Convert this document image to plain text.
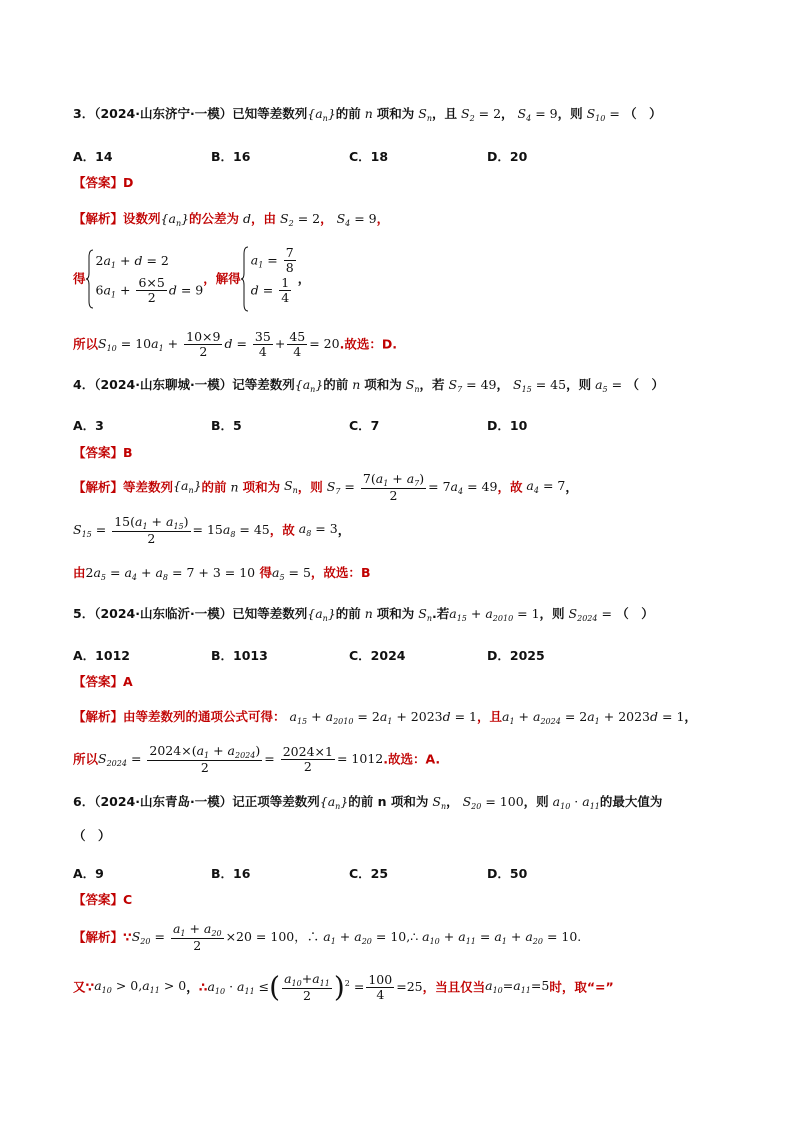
3．（2024·山东济宁·一模）已知等差数列$\{a_n\}$的前 n 项和为 $S_n$，且 $S_2 = 2$， $S_4 = 9$，则 $S_{10}$ = （　）
A．14	B．16	C．18	D．20
【答案】D
【解析】设数列$\{a_n\}$的公差为 d，由 $S_2 = 2$， $S_4 = 9$，
得
$2a_1 + d = 2$
$6a_1 + \frac{6\times 5}{2}$ d = 9
，解得
$a_1 = \frac{7}{8}$
$d = \frac{1}{4}$ ，
所以$S_{10} = 10a_1 + \frac{10\times 9}{2}$ $d = \frac{35}{4} + \frac{45}{4} = 20$.故选：D.
4．（2024·山东聊城·一模）记等差数列$\{a_n\}$的前 n 项和为 $S_n$，若 $S_7 = 49$， $S_{15} = 45$，则 $a_5$ = （　）
A．3	B．5	C．7	D．10
【答案】B
【解析】等差数列$\{a_n\}$的前 n 项和为 $S_n$，则 $S_7 = \frac{7(a_1 + a_7)}{2} = 7a_4 = 49$，故 $a_4 = 7$，
$S_{15} = \frac{15(a_1 + a_{15})}{2} = 15a_8 = 45$，故 $a_8 = 3$，
由$2a_5 = a_4 + a_8 = 7 + 3 = 10$ 得$a_5 = 5$，故选：B
5．（2024·山东临沂·一模）已知等差数列$\{a_n\}$的前 n 项和为 $S_n$.若$a_{15} + a_{2010} = 1$，则 $S_{2024}$ = （　）
A．1012	B．1013	C．2024	D．2025
【答案】A
【解析】由等差数列的通项公式可得： $a_{15} + a_{2010} = 2a_1 + 2023d = 1$，且$a_1 + a_{2024} = 2a_1 + 2023d = 1$，
所以$S_{2024} = \frac{2024\times(a_1 + a_{2024})}{2} = \frac{2024\times 1}{2} = 1012$.故选：A.
6．（2024·山东青岛·一模）记正项等差数列$\{a_n\}$的前 n 项和为 $S_n$， $S_{20} = 100$，则 $a_{10} \cdot a_{11}$的最大值为
（　）
A．9	B．16	C．25	D．50
【答案】C
【解析】$\because S_{20} = \frac{a_1 + a_{20}}{2} \times 20 = 100$，∴ $a_1 + a_{20}$ = 10,∴ $a_{10} + a_{11} = a_1 + a_{20} = 10$.
又$\because a_{10} > 0,a_{11} > 0$，$\therefore a_{10} \cdot a_{11}$ ≤( $\frac{a_{10}+a_{11}}{2} )^2 = \frac{100}{4} =25$，当且仅当$a_{10}=a_{11}=5$时，取“=”
